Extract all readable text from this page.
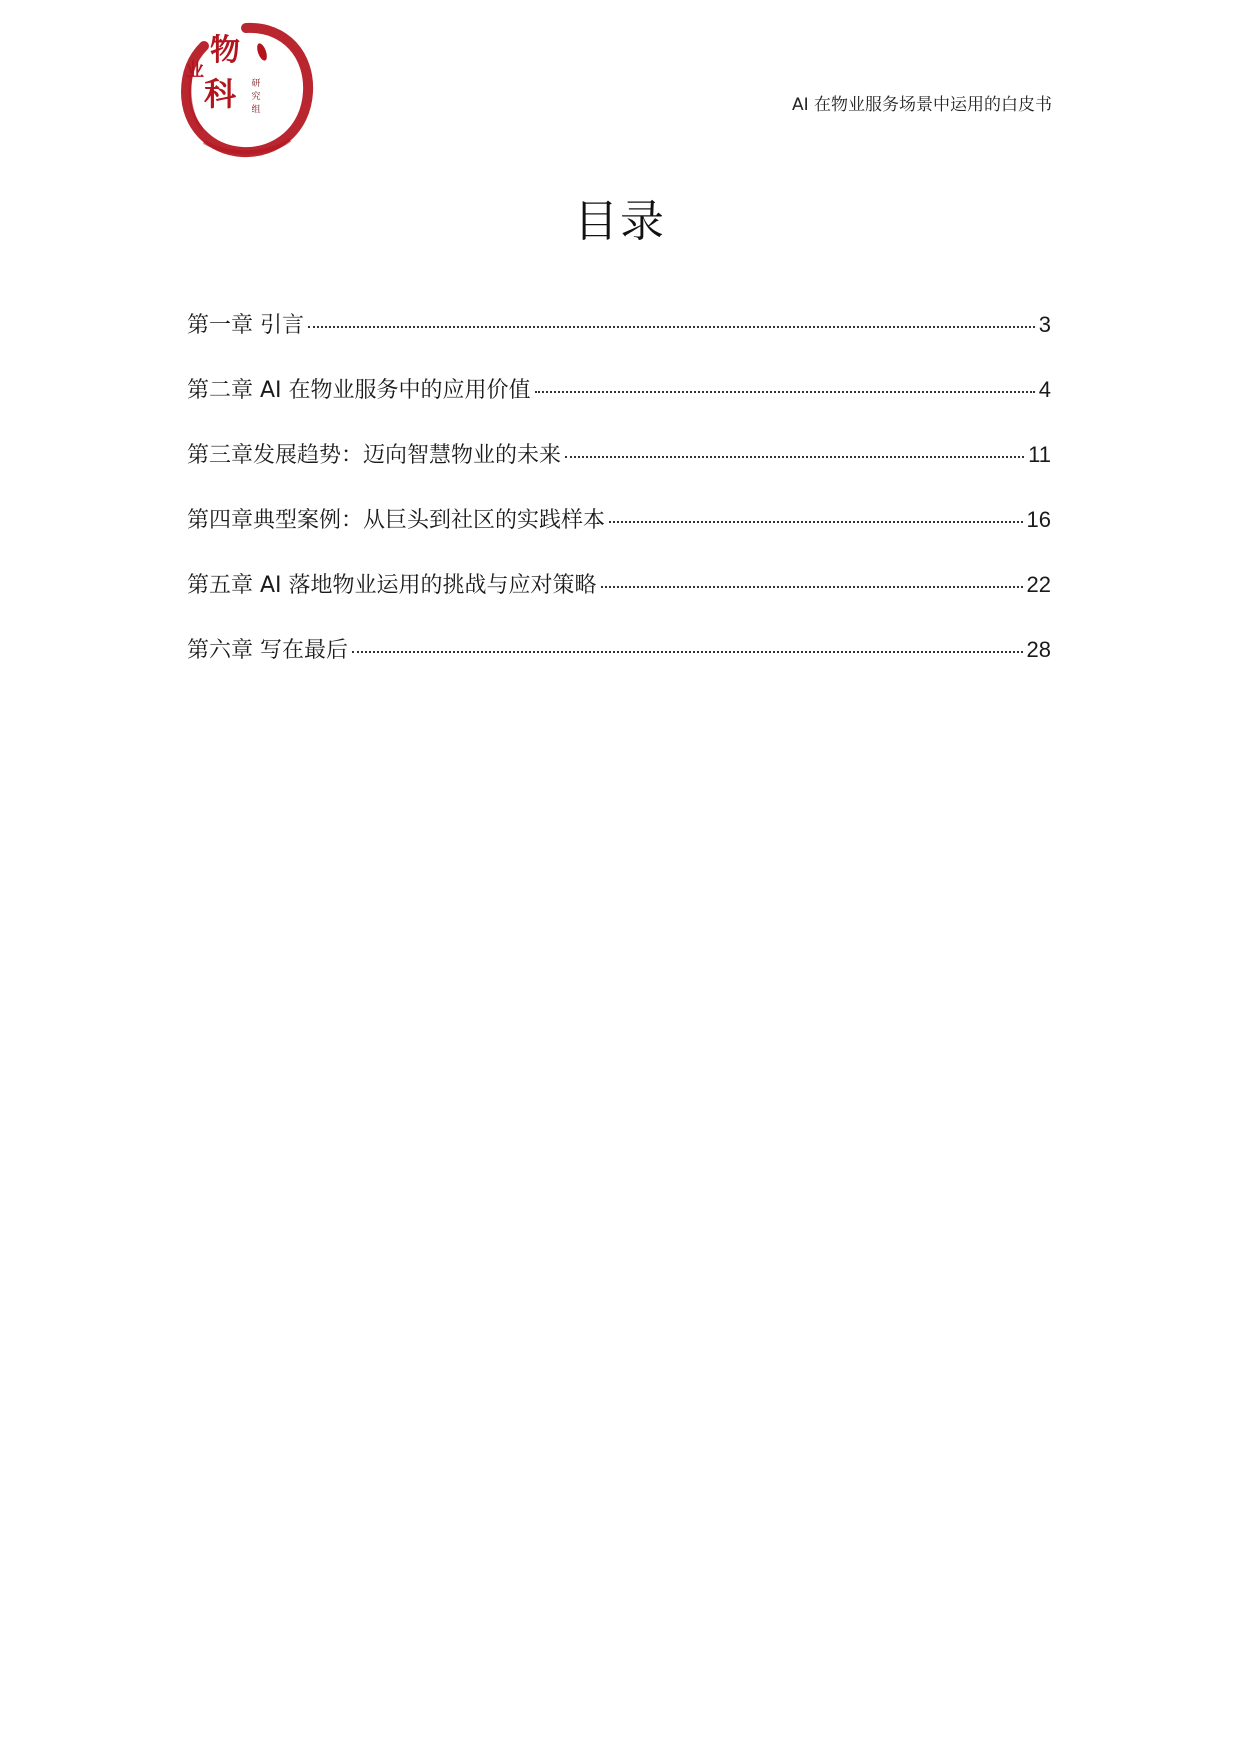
物
业
科 研究组	AI 在物业服务场景中运用的白皮书
目录
第一章 引言	3
第二章 AI 在物业服务中的应用价值	4
第三章发展趋势：迈向智慧物业的未来	11
第四章典型案例：从巨头到社区的实践样本	16
第五章 AI 落地物业运用的挑战与应对策略	22
第六章 写在最后	28
